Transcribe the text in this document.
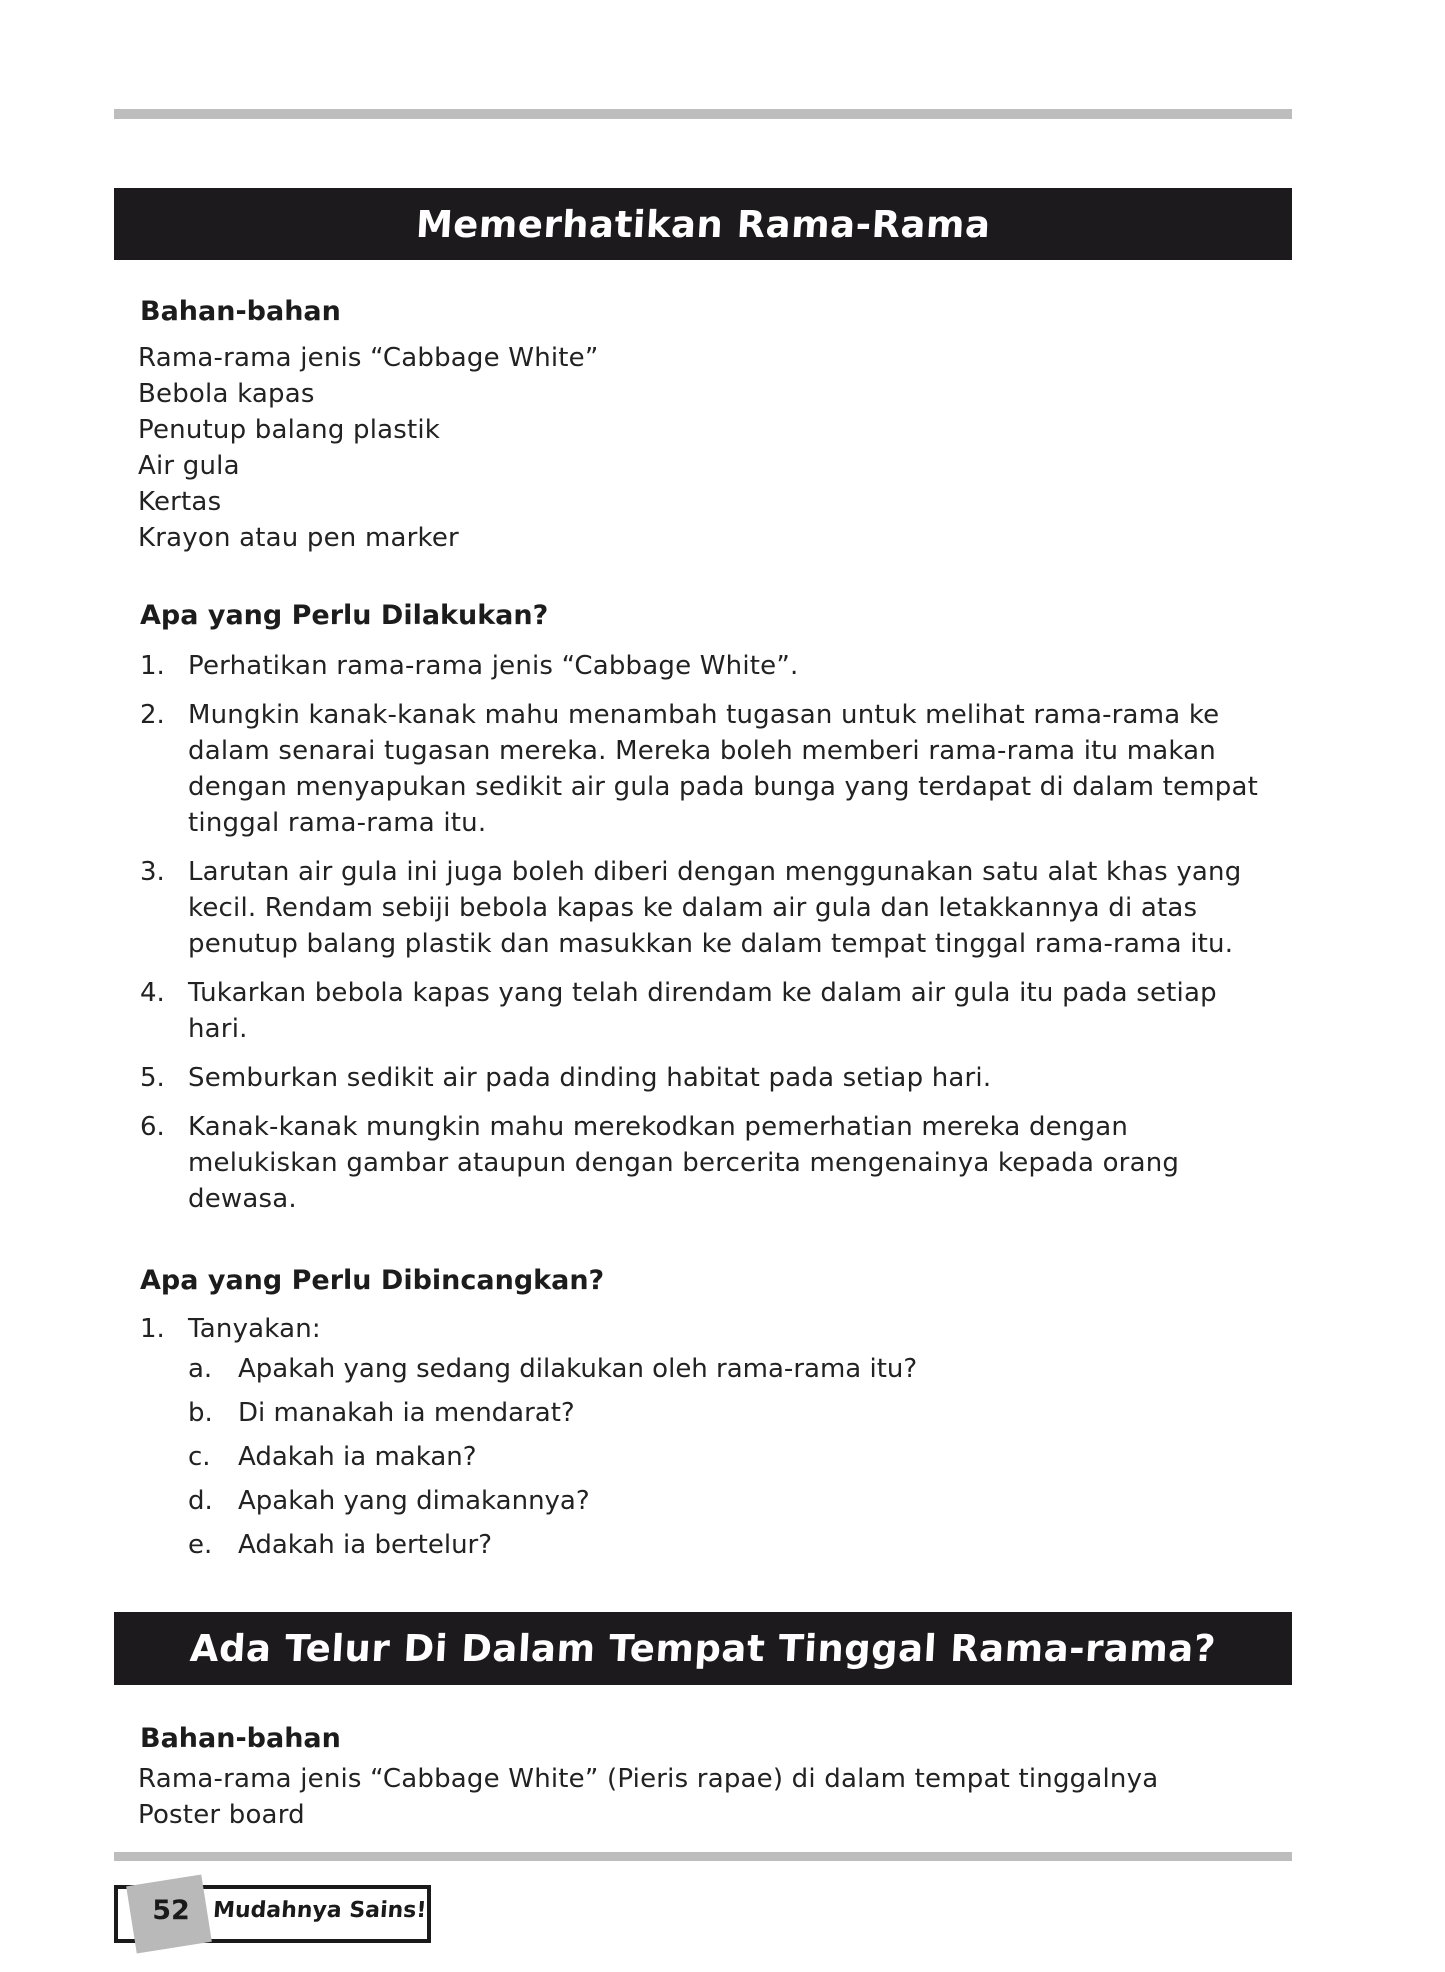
Memerhatikan Rama-Rama
Bahan-bahan
Rama-rama jenis “Cabbage White”
Bebola kapas
Penutup balang plastik
Air gula
Kertas
Krayon atau pen marker
Apa yang Perlu Dilakukan?
1. Perhatikan rama-rama jenis “Cabbage White”.
2. Mungkin kanak-kanak mahu menambah tugasan untuk melihat rama-rama ke
dalam senarai tugasan mereka. Mereka boleh memberi rama-rama itu makan
dengan menyapukan sedikit air gula pada bunga yang terdapat di dalam tempat
tinggal rama-rama itu.
3. Larutan air gula ini juga boleh diberi dengan menggunakan satu alat khas yang
kecil. Rendam sebiji bebola kapas ke dalam air gula dan letakkannya di atas
penutup balang plastik dan masukkan ke dalam tempat tinggal rama-rama itu.
4. Tukarkan bebola kapas yang telah direndam ke dalam air gula itu pada setiap
hari.
5. Semburkan sedikit air pada dinding habitat pada setiap hari.
6. Kanak-kanak mungkin mahu merekodkan pemerhatian mereka dengan
melukiskan gambar ataupun dengan bercerita mengenainya kepada orang
dewasa.
Apa yang Perlu Dibincangkan?
1. Tanyakan:
a. Apakah yang sedang dilakukan oleh rama-rama itu?
b. Di manakah ia mendarat?
c. Adakah ia makan?
d. Apakah yang dimakannya?
e. Adakah ia bertelur?
Ada Telur Di Dalam Tempat Tinggal Rama-rama?
Bahan-bahan
Rama-rama jenis “Cabbage White” (Pieris rapae) di dalam tempat tinggalnya
Poster board
52	Mudahnya Sains!
